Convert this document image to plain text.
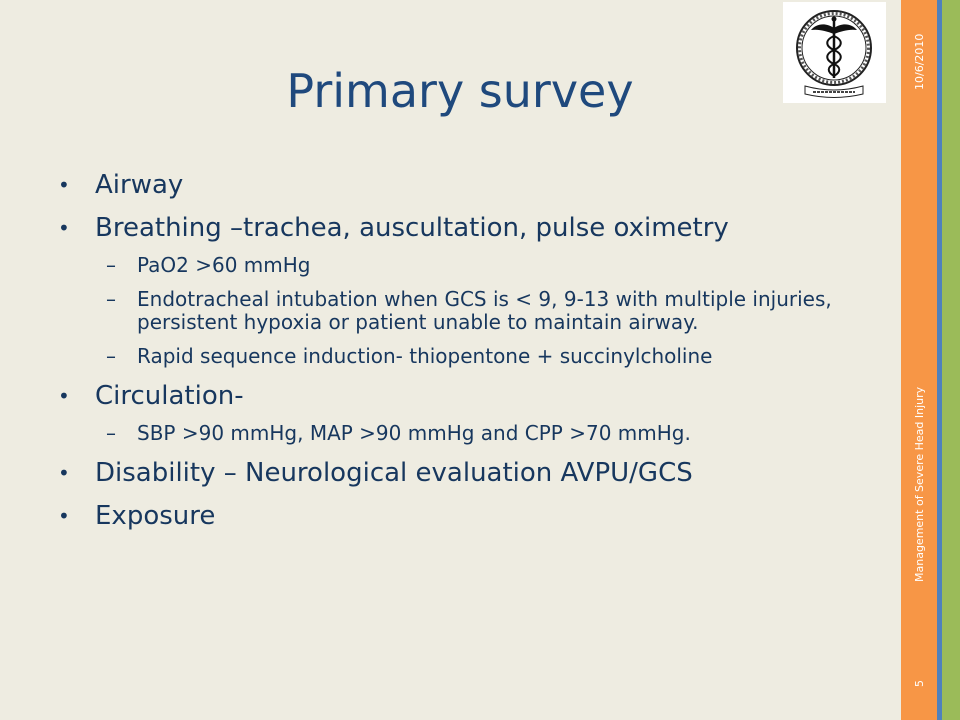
Primary survey
• Airway
• Breathing –trachea, auscultation, pulse oximetry
– PaO2 >60 mmHg
– Endotracheal intubation when GCS is < 9, 9-13 with multiple injuries, persistent hypoxia or patient unable to maintain airway.
– Rapid sequence induction- thiopentone + succinylcholine
• Circulation-
– SBP >90 mmHg, MAP >90 mmHg and CPP >70 mmHg.
• Disability – Neurological evaluation AVPU/GCS
• Exposure
10/6/2010
Management of Severe Head Injury
5
